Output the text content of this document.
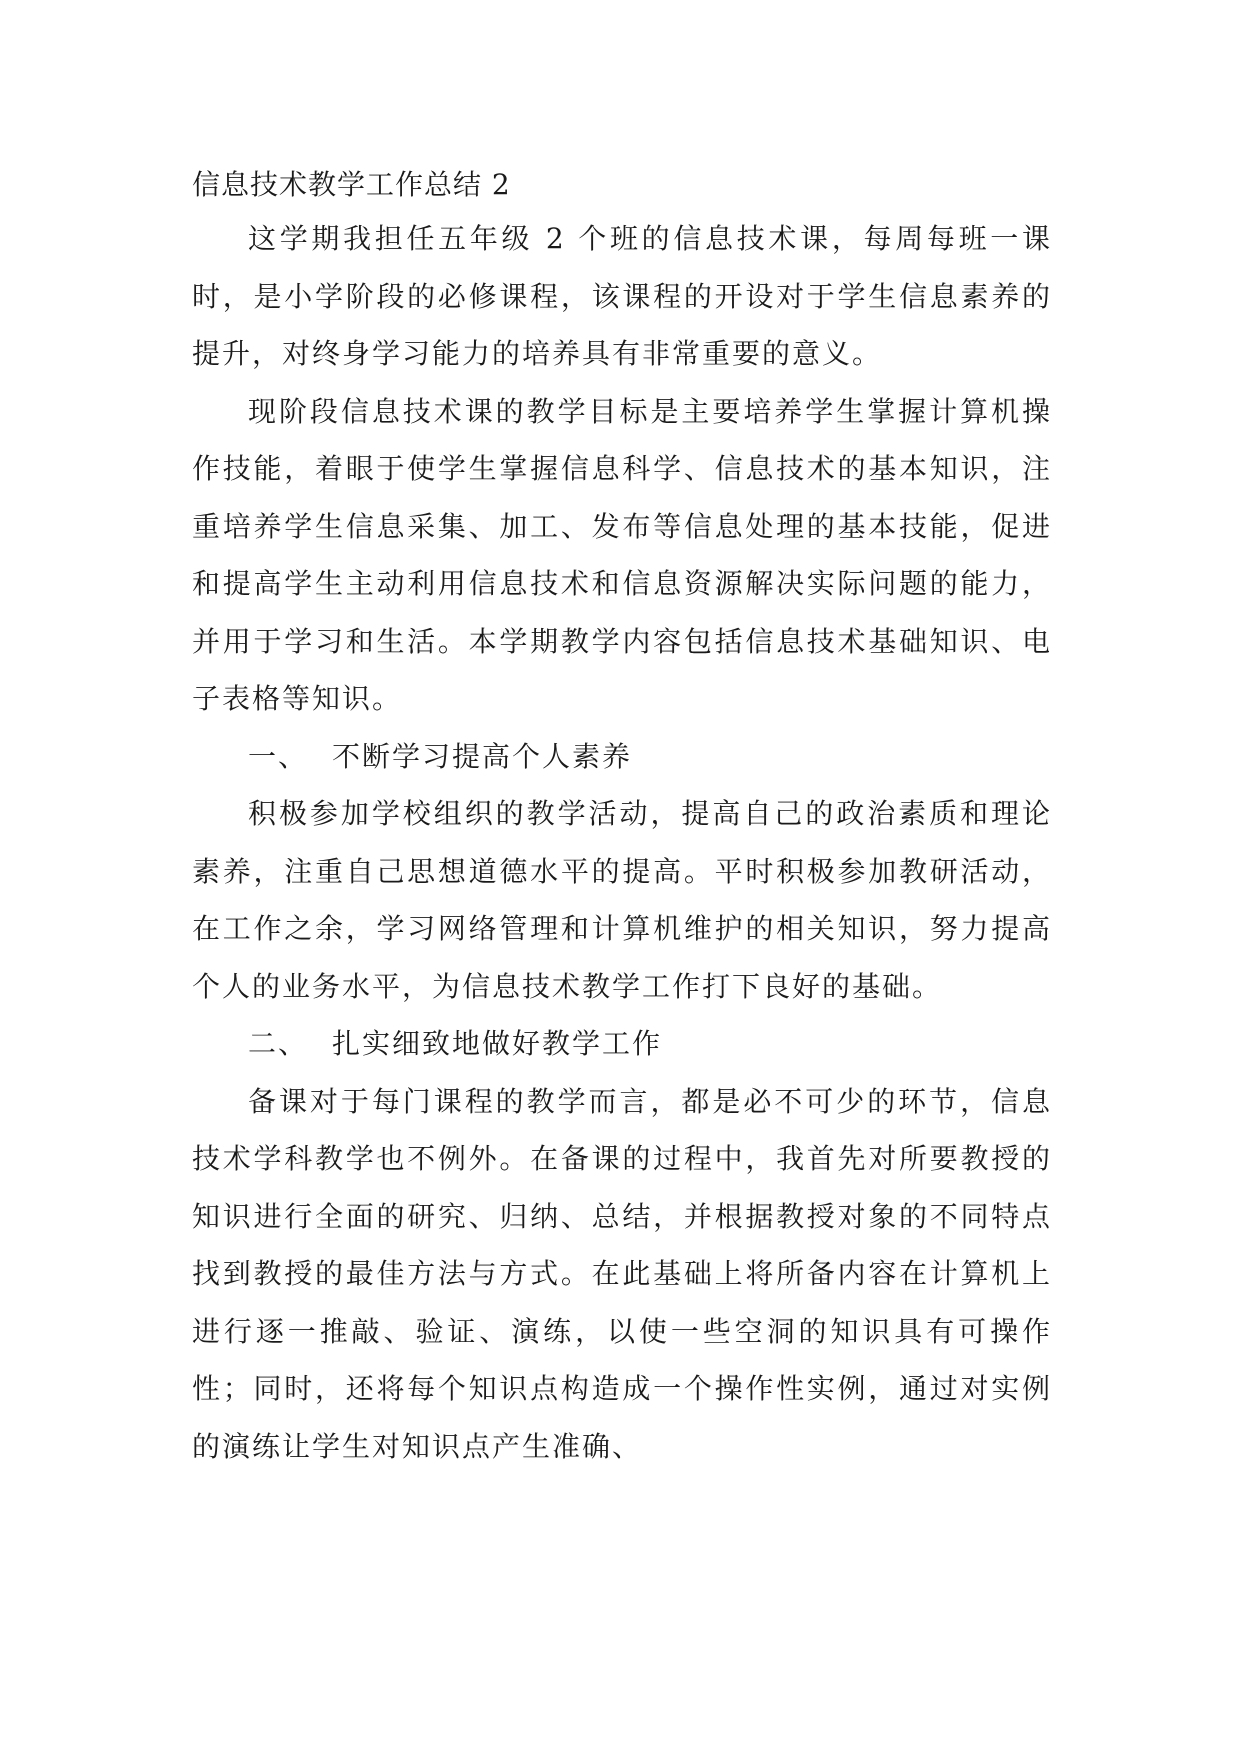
信息技术教学工作总结 2

这学期我担任五年级 2 个班的信息技术课，每周每班一课时，是小学阶段的必修课程，该课程的开设对于学生信息素养的提升，对终身学习能力的培养具有非常重要的意义。

现阶段信息技术课的教学目标是主要培养学生掌握计算机操作技能，着眼于使学生掌握信息科学、信息技术的基本知识，注重培养学生信息采集、加工、发布等信息处理的基本技能，促进和提高学生主动利用信息技术和信息资源解决实际问题的能力，并用于学习和生活。本学期教学内容包括信息技术基础知识、电子表格等知识。

一、 不断学习提高个人素养

积极参加学校组织的教学活动，提高自己的政治素质和理论素养，注重自己思想道德水平的提高。平时积极参加教研活动，在工作之余，学习网络管理和计算机维护的相关知识，努力提高个人的业务水平，为信息技术教学工作打下良好的基础。

二、 扎实细致地做好教学工作

备课对于每门课程的教学而言，都是必不可少的环节，信息技术学科教学也不例外。在备课的过程中，我首先对所要教授的知识进行全面的研究、归纳、总结，并根据教授对象的不同特点找到教授的最佳方法与方式。在此基础上将所备内容在计算机上进行逐一推敲、验证、演练，以使一些空洞的知识具有可操作性；同时，还将每个知识点构造成一个操作性实例，通过对实例的演练让学生对知识点产生准确、
